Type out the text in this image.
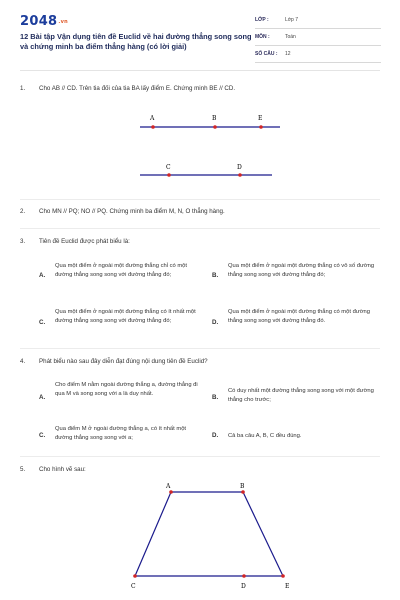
2048.vn
12 Bài tập Vận dụng tiên đề Euclid về hai đường thẳng song song và chứng minh ba điểm thẳng hàng (có lời giải)
LỚP :	Lớp 7
MÔN :	Toán
SỐ CÂU : 12
1. Cho AB // CD. Trên tia đối của tia BA lấy điểm E. Chứng minh BE // CD.
A	B	E
C	D
2. Cho MN // PQ; NO // PQ. Chứng minh ba điểm M, N, O thẳng hàng.
3. Tiên đề Euclid được phát biểu là:
A.
Qua một điểm ở ngoài một đường thẳng chỉ có một đường thẳng song song với đường thẳng đó;	B.
Qua một điểm ở ngoài một đường thẳng có vô số đường thẳng song song với đường thẳng đó;
C.
Qua một điểm ở ngoài một đường thẳng có ít nhất một đường thẳng song song với đường thẳng đó;	D.
Qua một điểm ở ngoài một đường thẳng có một đường thẳng song song với đường thẳng đó.
4. Phát biểu nào sau đây diễn đạt đúng nội dung tiên đề Euclid?
A.
Cho điểm M nằm ngoài đường thẳng a, đường thẳng đi qua M và song song với a là duy nhất.	B.
Có duy nhất một đường thẳng song song với một đường thẳng cho trước;
C.
Qua điểm M ở ngoài đường thẳng a, có ít nhất một đường thẳng song song với a;	D. Cả ba câu A, B, C đều đúng.
5. Cho hình vẽ sau:
A	B
C	D	E
